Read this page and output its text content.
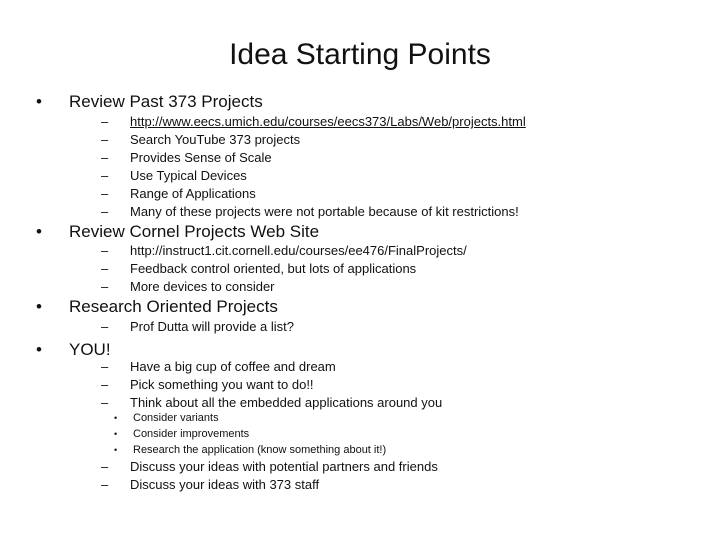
Idea Starting Points
• Review Past 373 Projects
– http://www.eecs.umich.edu/courses/eecs373/Labs/Web/projects.html
– Search YouTube 373 projects
– Provides Sense of Scale
– Use Typical Devices
– Range of Applications
– Many of these projects were not portable because of kit restrictions!
• Review Cornel Projects Web Site
– http://instruct1.cit.cornell.edu/courses/ee476/FinalProjects/
– Feedback control oriented, but lots of applications
– More devices to consider
• Research Oriented Projects
– Prof Dutta will provide a list?
• YOU!
– Have a big cup of coffee and dream
– Pick something you want to do!!
– Think about all the embedded applications around you
• Consider variants
• Consider improvements
• Research the application (know something about it!)
– Discuss your ideas with potential partners and friends
– Discuss your ideas with 373 staff
